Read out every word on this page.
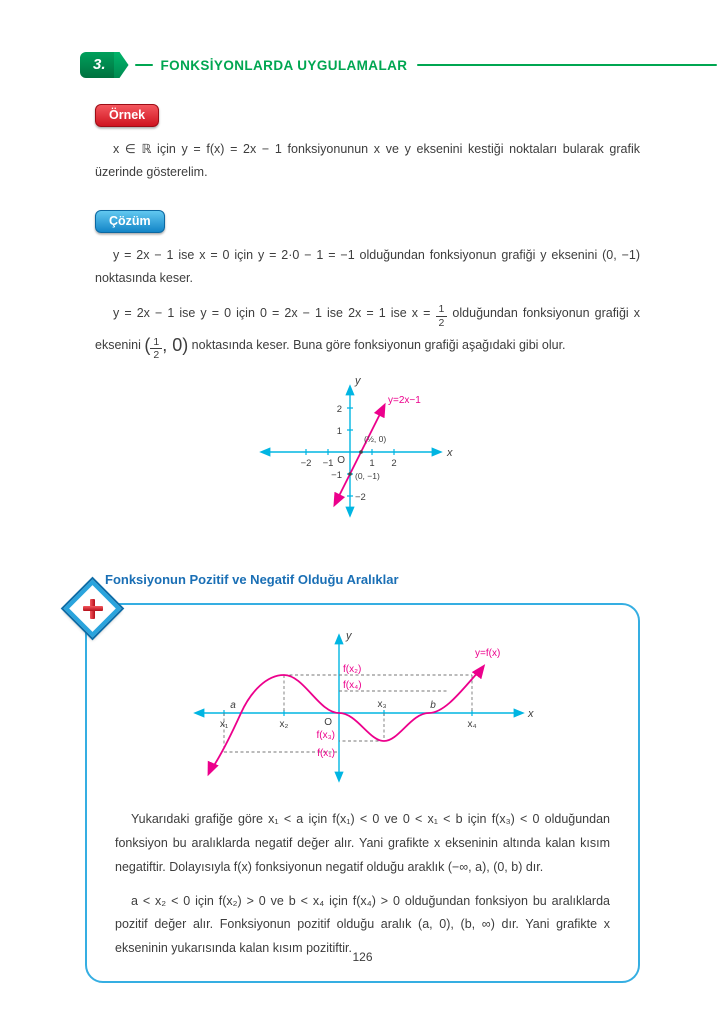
3.	FONKSİYONLARDA UYGULAMALAR
Örnek

x ∈ ℝ için y = f(x) = 2x − 1 fonksiyonunun x ve y eksenini kestiği noktaları bularak grafik üzerinde gösterelim.

Çözüm

y = 2x − 1 ise x = 0 için y = 2·0 − 1 = −1 olduğundan fonksiyonun grafiği y eksenini (0, −1) noktasında keser.

y = 2x − 1 ise y = 0 için 0 = 2x − 1 ise 2x = 1 ise $x = \frac{1}{2}$ olduğundan fonksiyonun grafiği x eksenini ( $\frac{1}{2}$ , 0) noktasında keser. Buna göre fonksiyonun grafiği aşağıdaki gibi olur.

x
y
O
−2 −1	1 2
2
1
−1
−2
(½, 0)
(0, −1)
y=2x−1
Fonksiyonun Pozitif ve Negatif Olduğu Aralıklar
y
x
O
x₁
a
x₂
x₃	b
x₄
f(x₂)
f(x₄)
f(x₃)
f(x₁)
y=f(x)

Yukarıdaki grafiğe göre x₁ < a için f(x₁) < 0 ve 0 < x₁ < b için f(x₃) < 0 olduğundan fonksiyon bu aralıklarda negatif değer alır. Yani grafikte x ekseninin altında kalan kısım negatiftir. Dolayısıyla f(x) fonksiyonun negatif olduğu araklık (−∞, a), (0, b) dır.

a < x₂ < 0 için f(x₂) > 0 ve b < x₄ için f(x₄) > 0 olduğundan fonksiyon bu aralıklarda pozitif değer alır. Fonksiyonun pozitif olduğu aralık (a, 0), (b, ∞) dır. Yani grafikte x ekseninin yukarısında kalan kısım pozitiftir.

126
